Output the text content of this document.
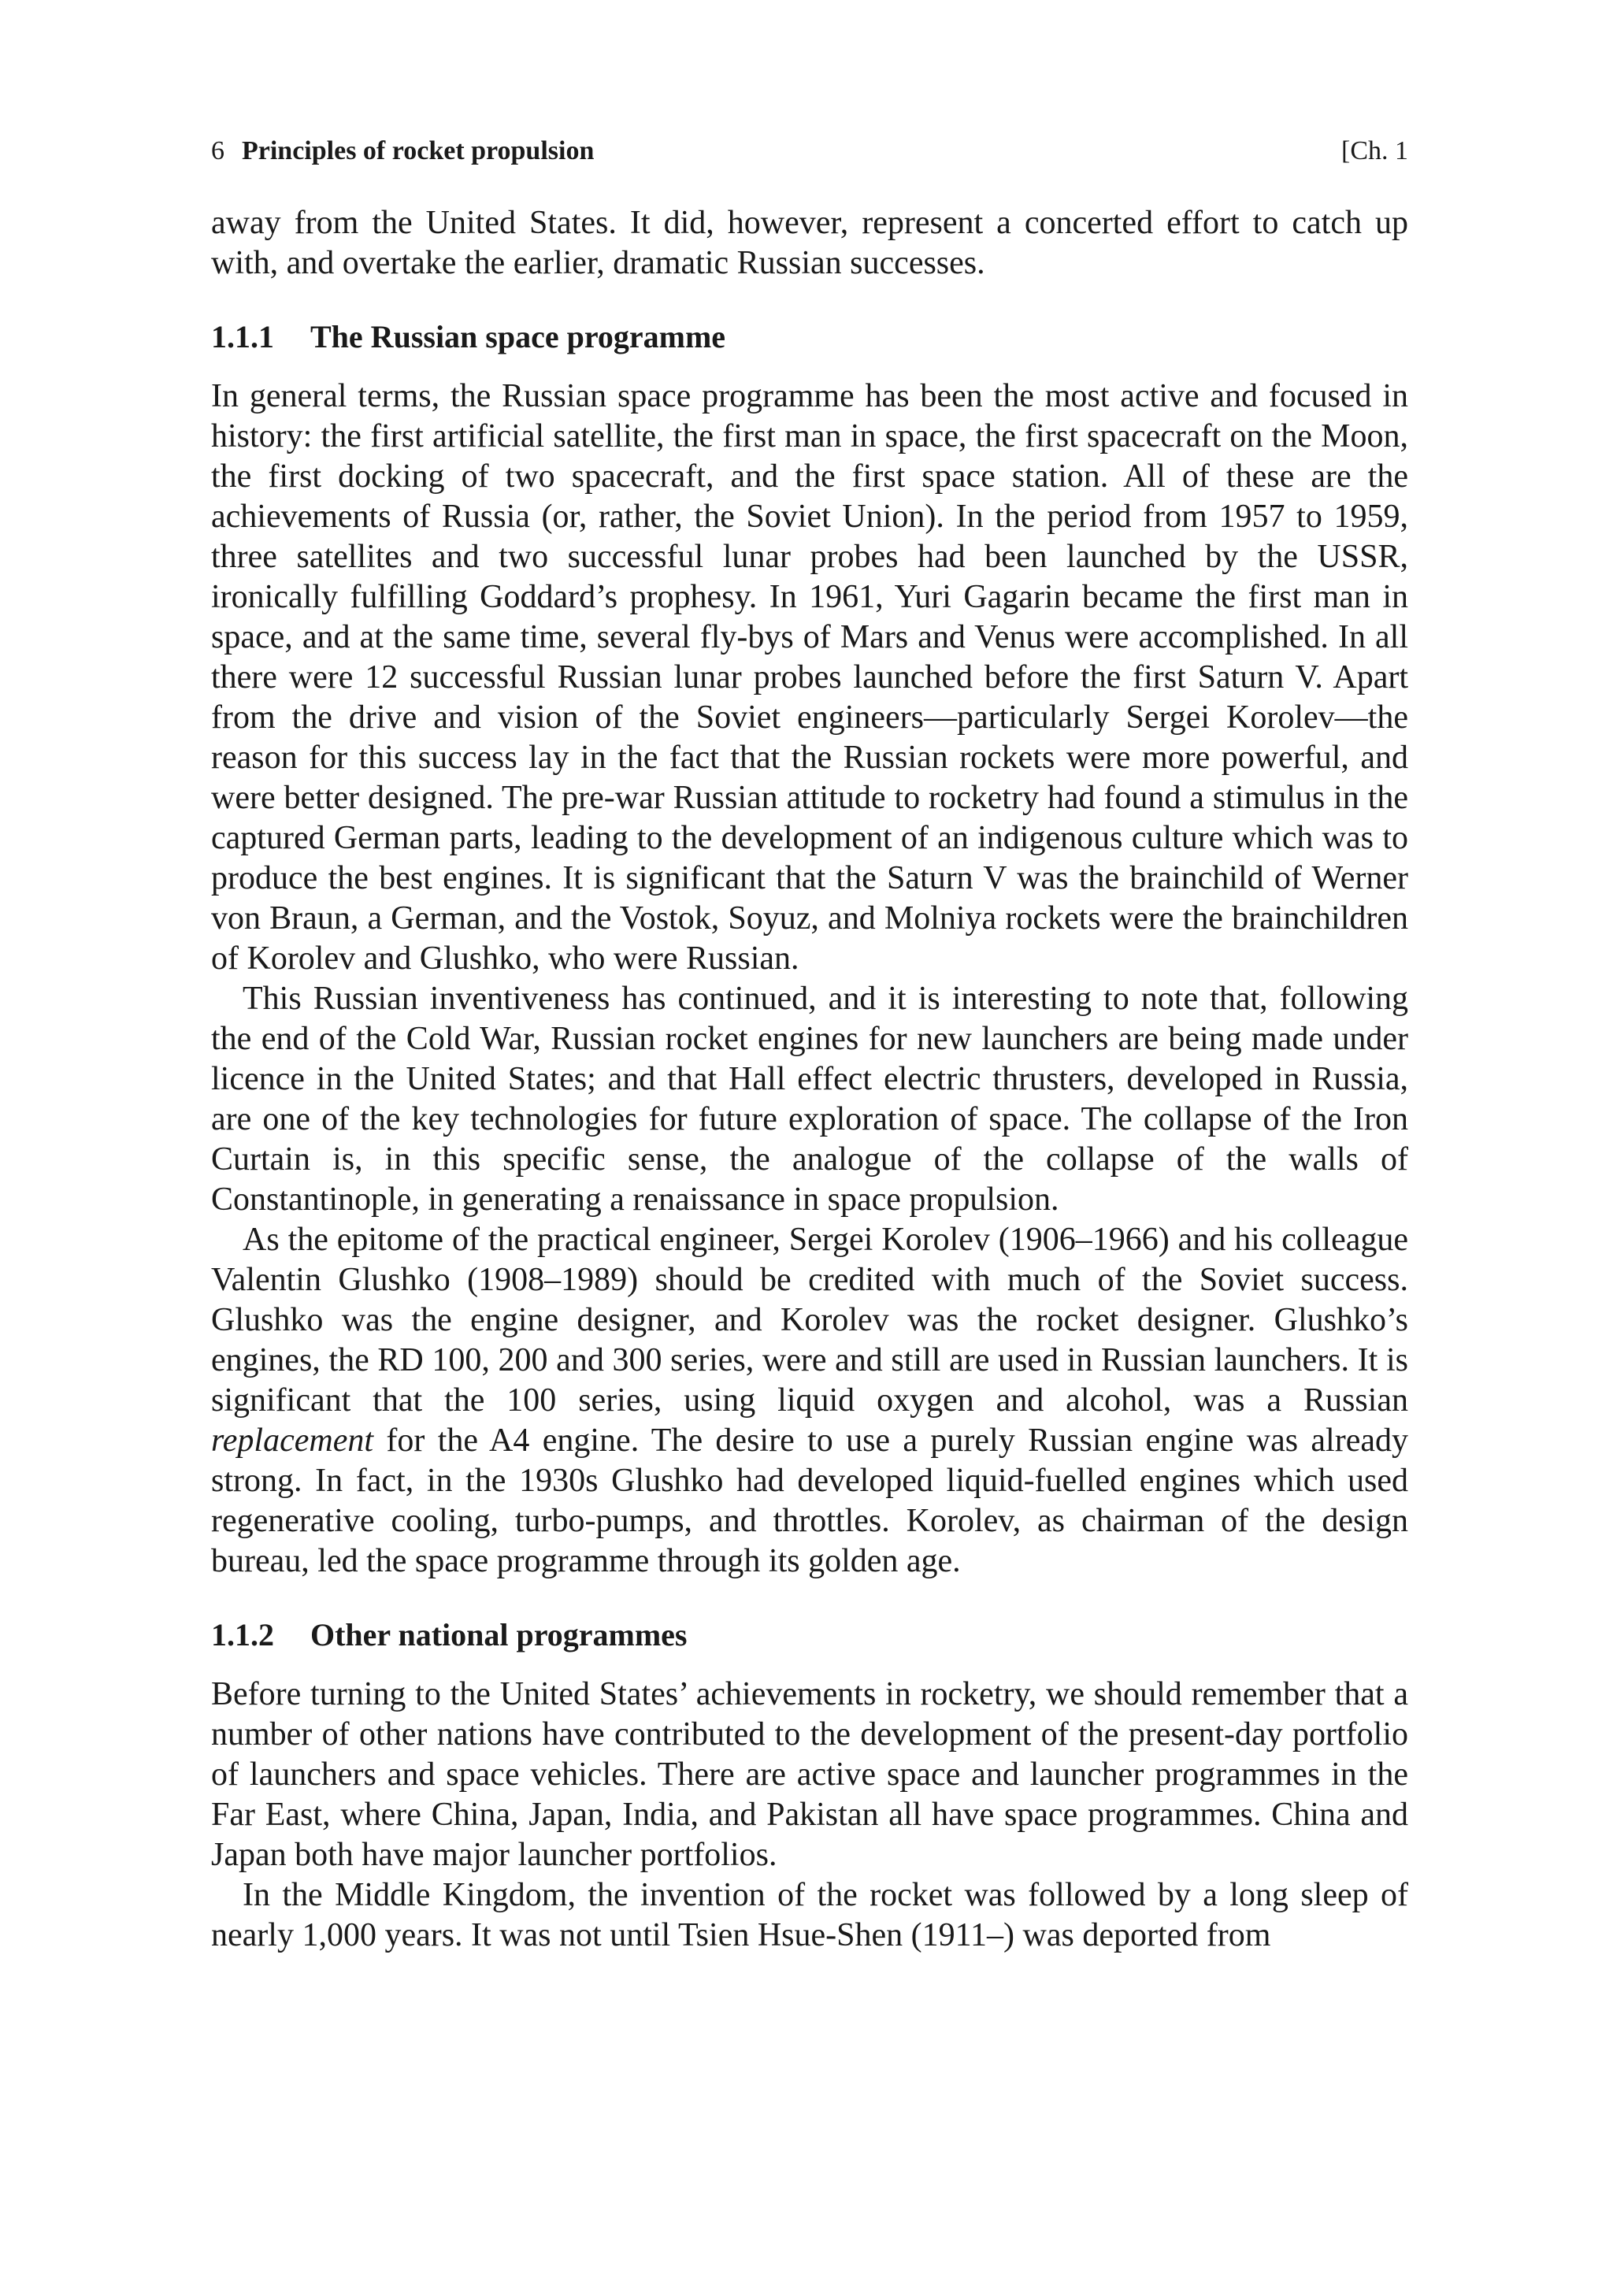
6 Principles of rocket propulsion	[Ch. 1

away from the United States. It did, however, represent a concerted effort to catch up with, and overtake the earlier, dramatic Russian successes.

1.1.1	The Russian space programme

In general terms, the Russian space programme has been the most active and focused in history: the first artificial satellite, the first man in space, the first spacecraft on the Moon, the first docking of two spacecraft, and the first space station. All of these are the achievements of Russia (or, rather, the Soviet Union). In the period from 1957 to 1959, three satellites and two successful lunar probes had been launched by the USSR, ironically fulfilling Goddard’s prophesy. In 1961, Yuri Gagarin became the first man in space, and at the same time, several fly-bys of Mars and Venus were accomplished. In all there were 12 successful Russian lunar probes launched before the first Saturn V. Apart from the drive and vision of the Soviet engineers—particularly Sergei Korolev—the reason for this success lay in the fact that the Russian rockets were more powerful, and were better designed. The pre-war Russian attitude to rocketry had found a stimulus in the captured German parts, leading to the development of an indigenous culture which was to produce the best engines. It is significant that the Saturn V was the brainchild of Werner von Braun, a German, and the Vostok, Soyuz, and Molniya rockets were the brainchildren of Korolev and Glushko, who were Russian.

This Russian inventiveness has continued, and it is interesting to note that, following the end of the Cold War, Russian rocket engines for new launchers are being made under licence in the United States; and that Hall effect electric thrusters, developed in Russia, are one of the key technologies for future exploration of space. The collapse of the Iron Curtain is, in this specific sense, the analogue of the collapse of the walls of Constantinople, in generating a renaissance in space propulsion.

As the epitome of the practical engineer, Sergei Korolev (1906–1966) and his colleague Valentin Glushko (1908–1989) should be credited with much of the Soviet success. Glushko was the engine designer, and Korolev was the rocket designer. Glushko’s engines, the RD 100, 200 and 300 series, were and still are used in Russian launchers. It is significant that the 100 series, using liquid oxygen and alcohol, was a Russian replacement for the A4 engine. The desire to use a purely Russian engine was already strong. In fact, in the 1930s Glushko had developed liquid-fuelled engines which used regenerative cooling, turbo-pumps, and throttles. Korolev, as chairman of the design bureau, led the space programme through its golden age.

1.1.2	Other national programmes

Before turning to the United States’ achievements in rocketry, we should remember that a number of other nations have contributed to the development of the present-day portfolio of launchers and space vehicles. There are active space and launcher programmes in the Far East, where China, Japan, India, and Pakistan all have space programmes. China and Japan both have major launcher portfolios.

In the Middle Kingdom, the invention of the rocket was followed by a long sleep of nearly 1,000 years. It was not until Tsien Hsue-Shen (1911–) was deported from
